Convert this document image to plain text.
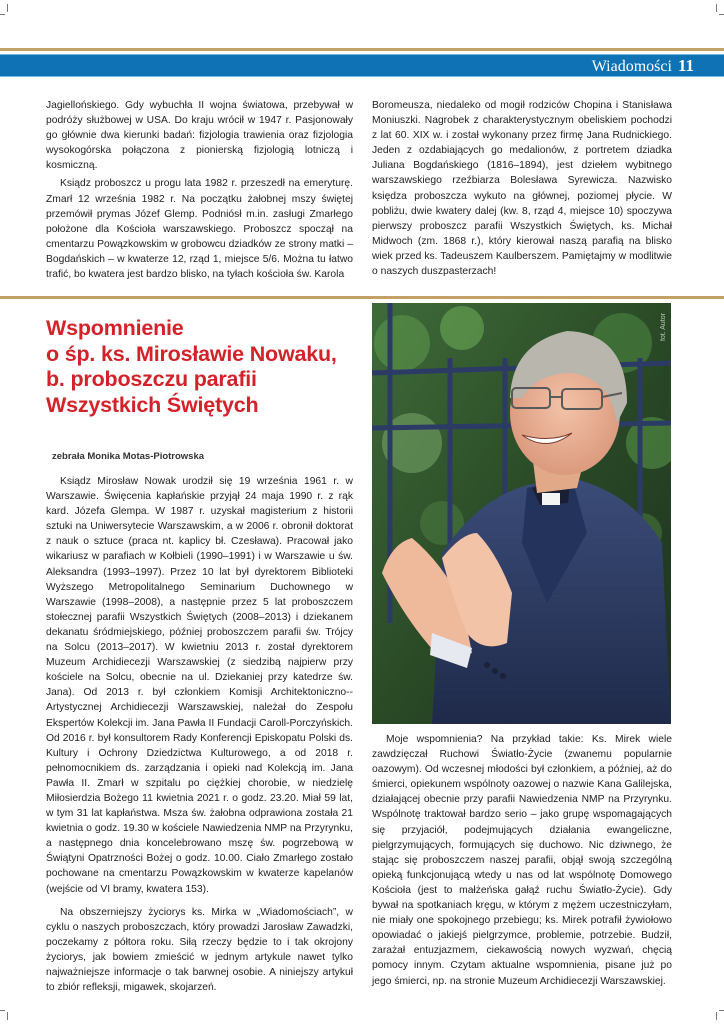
Wiadomości 11

Jagiellońskiego. Gdy wybuchła II wojna światowa, przebywał w podróży służbowej w USA. Do kraju wrócił w 1947 r. Pasjonowały go głównie dwa kierunki badań: fizjologia trawienia oraz fizjologia wysokogórska połączona z pionierską fizjologią lotniczą i kosmiczną.

Ksiądz proboszcz u progu lata 1982 r. przeszedł na emeryturę. Zmarł 12 września 1982 r. Na początku żałobnej mszy świętej przemówił prymas Józef Glemp. Podniósł m.in. zasługi Zmarłego położone dla Kościoła warszawskiego. Proboszcz spoczął na cmentarzu Powązkowskim w grobowcu dziadków ze strony matki – Bogdańskich – w kwaterze 12, rząd 1, miejsce 5/6. Można tu łatwo trafić, bo kwatera jest bardzo blisko, na tyłach kościoła św. Karola

Boromeusza, niedaleko od mogił rodziców Chopina i Stanisława Moniuszki. Nagrobek z charakterystycznym obeliskiem pochodzi z lat 60. XIX w. i został wykonany przez firmę Jana Rudnickiego. Jeden z ozdabiających go medalionów, z portretem dziadka Juliana Bogdańskiego (1816–1894), jest dziełem wybitnego warszawskiego rzeźbiarza Bolesława Syrewicza. Nazwisko księdza proboszcza wykuto na głównej, poziomej płycie. W pobliżu, dwie kwatery dalej (kw. 8, rząd 4, miejsce 10) spoczywa pierwszy proboszcz parafii Wszystkich Świętych, ks. Michał Midwoch (zm. 1868 r.), który kierował naszą parafią na blisko wiek przed ks. Tadeuszem Kaulberszem. Pamiętajmy w modlitwie o naszych duszpasterzach!

Wspomnienie
o śp. ks. Mirosławie Nowaku,
b. proboszczu parafii
Wszystkich Świętych
zebrała Monika Motas-Piotrowska

Ksiądz Mirosław Nowak urodził się 19 września 1961 r. w Warszawie. Święcenia kapłańskie przyjął 24 maja 1990 r. z rąk kard. Józefa Glempa. W 1987 r. uzyskał magisterium z historii sztuki na Uniwersytecie Warszawskim, a w 2006 r. obronił doktorat z nauk o sztuce (praca nt. kaplicy bł. Czesława). Pracował jako wikariusz w parafiach w Kołbieli (1990–1991) i w Warszawie u św. Aleksandra (1993–1997). Przez 10 lat był dyrektorem Biblioteki Wyższego Metropolitalnego Seminarium Duchownego w Warszawie (1998–2008), a następnie przez 5 lat proboszczem stołecznej parafii Wszystkich Świętych (2008–2013) i dziekanem dekanatu śródmiejskiego, później proboszczem parafii św. Trójcy na Solcu (2013–2017). W kwietniu 2013 r. został dyrektorem Muzeum Archidiecezji Warszawskiej (z siedzibą najpierw przy kościele na Solcu, obecnie na ul. Dziekaniej przy katedrze św. Jana). Od 2013 r. był członkiem Komisji Architektoniczno--Artystycznej Archidiecezji Warszawskiej, należał do Zespołu Ekspertów Kolekcji im. Jana Pawła II Fundacji Caroll-Porczyńskich. Od 2016 r. był konsultorem Rady Konferencji Episkopatu Polski ds. Kultury i Ochrony Dziedzictwa Kulturowego, a od 2018 r. pełnomocnikiem ds. zarządzania i opieki nad Kolekcją im. Jana Pawła II. Zmarł w szpitalu po ciężkiej chorobie, w niedzielę Miłosierdzia Bożego 11 kwietnia 2021 r. o godz. 23.20. Miał 59 lat, w tym 31 lat kapłaństwa. Msza św. żałobna odprawiona została 21 kwietnia o godz. 19.30 w kościele Nawiedzenia NMP na Przyrynku, a następnego dnia koncelebrowano mszę św. pogrzebową w Świątyni Opatrzności Bożej o godz. 10.00. Ciało Zmarłego zostało pochowane na cmentarzu Powązkowskim w kwaterze kapelanów (wejście od VI bramy, kwatera 153).

Na obszerniejszy życiorys ks. Mirka w „Wiadomościach”, w cyklu o naszych proboszczach, który prowadzi Jarosław Zawadzki, poczekamy z półtora roku. Siłą rzeczy będzie to i tak okrojony życiorys, jak bowiem zmieścić w jednym artykule nawet tylko najważniejsze informacje o tak barwnej osobie. A niniejszy artykuł to zbiór refleksji, migawek, skojarzeń.

fot. Autor

Moje wspomnienia? Na przykład takie: Ks. Mirek wiele zawdzięczał Ruchowi Światło-Życie (zwanemu popularnie oazowym). Od wczesnej młodości był członkiem, a później, aż do śmierci, opiekunem wspólnoty oazowej o nazwie Kana Galilejska, działającej obecnie przy parafii Nawiedzenia NMP na Przyrynku. Wspólnotę traktował bardzo serio – jako grupę wspomagających się przyjaciół, podejmujących działania ewangeliczne, pielgrzymujących, formujących się duchowo. Nic dziwnego, że stając się proboszczem naszej parafii, objął swoją szczególną opieką funkcjonującą wtedy u nas od lat wspólnotę Domowego Kościoła (jest to małżeńska gałąź ruchu Światło-Życie). Gdy bywał na spotkaniach kręgu, w którym z mężem uczestniczyłam, nie miały one spokojnego przebiegu; ks. Mirek potrafił żywiołowo opowiadać o jakiejś pielgrzymce, problemie, potrzebie. Budził, zarażał entuzjazmem, ciekawością nowych wyzwań, chęcią pomocy innym. Czytam aktualne wspomnienia, pisane już po jego śmierci, np. na stronie Muzeum Archidiecezji Warszawskiej.
